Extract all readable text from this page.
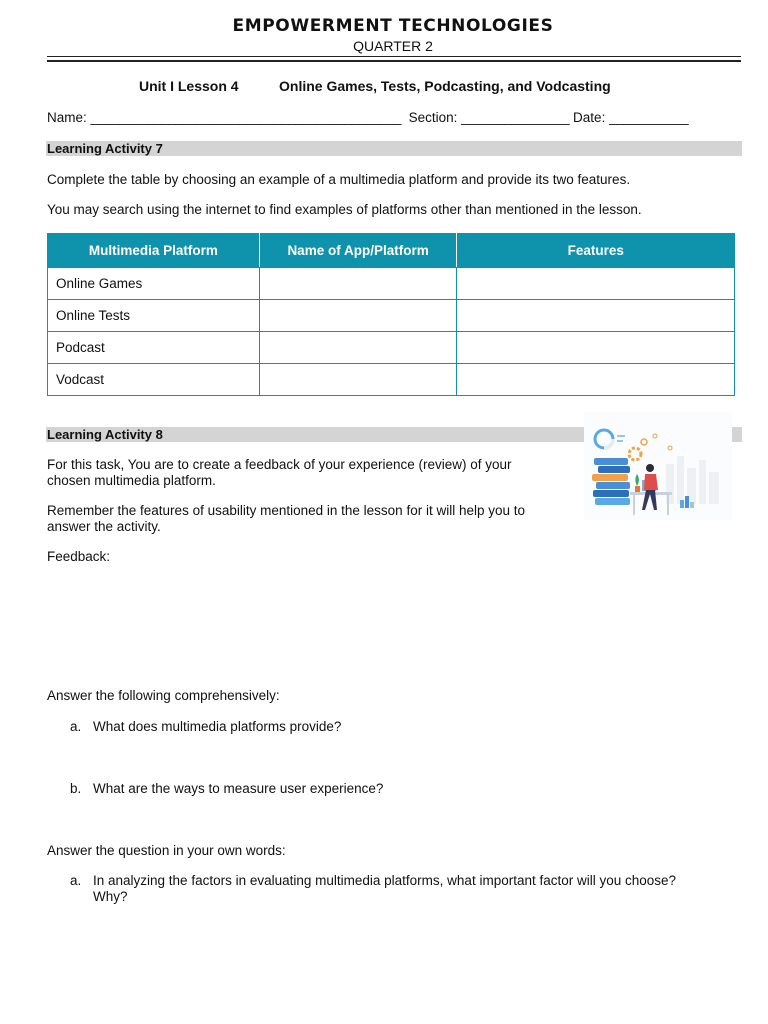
EMPOWERMENT TECHNOLOGIES
QUARTER 2
Unit I Lesson 4	Online Games, Tests, Podcasting, and Vodcasting
Name: ____________________________________________ Section: _______________ Date: ___________
Learning Activity 7
Complete the table by choosing an example of a multimedia platform and provide its two features.
You may search using the internet to find examples of platforms other than mentioned in the lesson.
Multimedia Platform	Name of App/Platform	Features
Online Games		
Online Tests		
Podcast		
Vodcast		
Learning Activity 8
For this task, You are to create a feedback of your experience (review) of your
chosen multimedia platform.
Remember the features of usability mentioned in the lesson for it will help you to
answer the activity.
Feedback:
Answer the following comprehensively:
a. What does multimedia platforms provide?
b. What are the ways to measure user experience?
Answer the question in your own words:
a. In analyzing the factors in evaluating multimedia platforms, what important factor will you choose?
Why?
